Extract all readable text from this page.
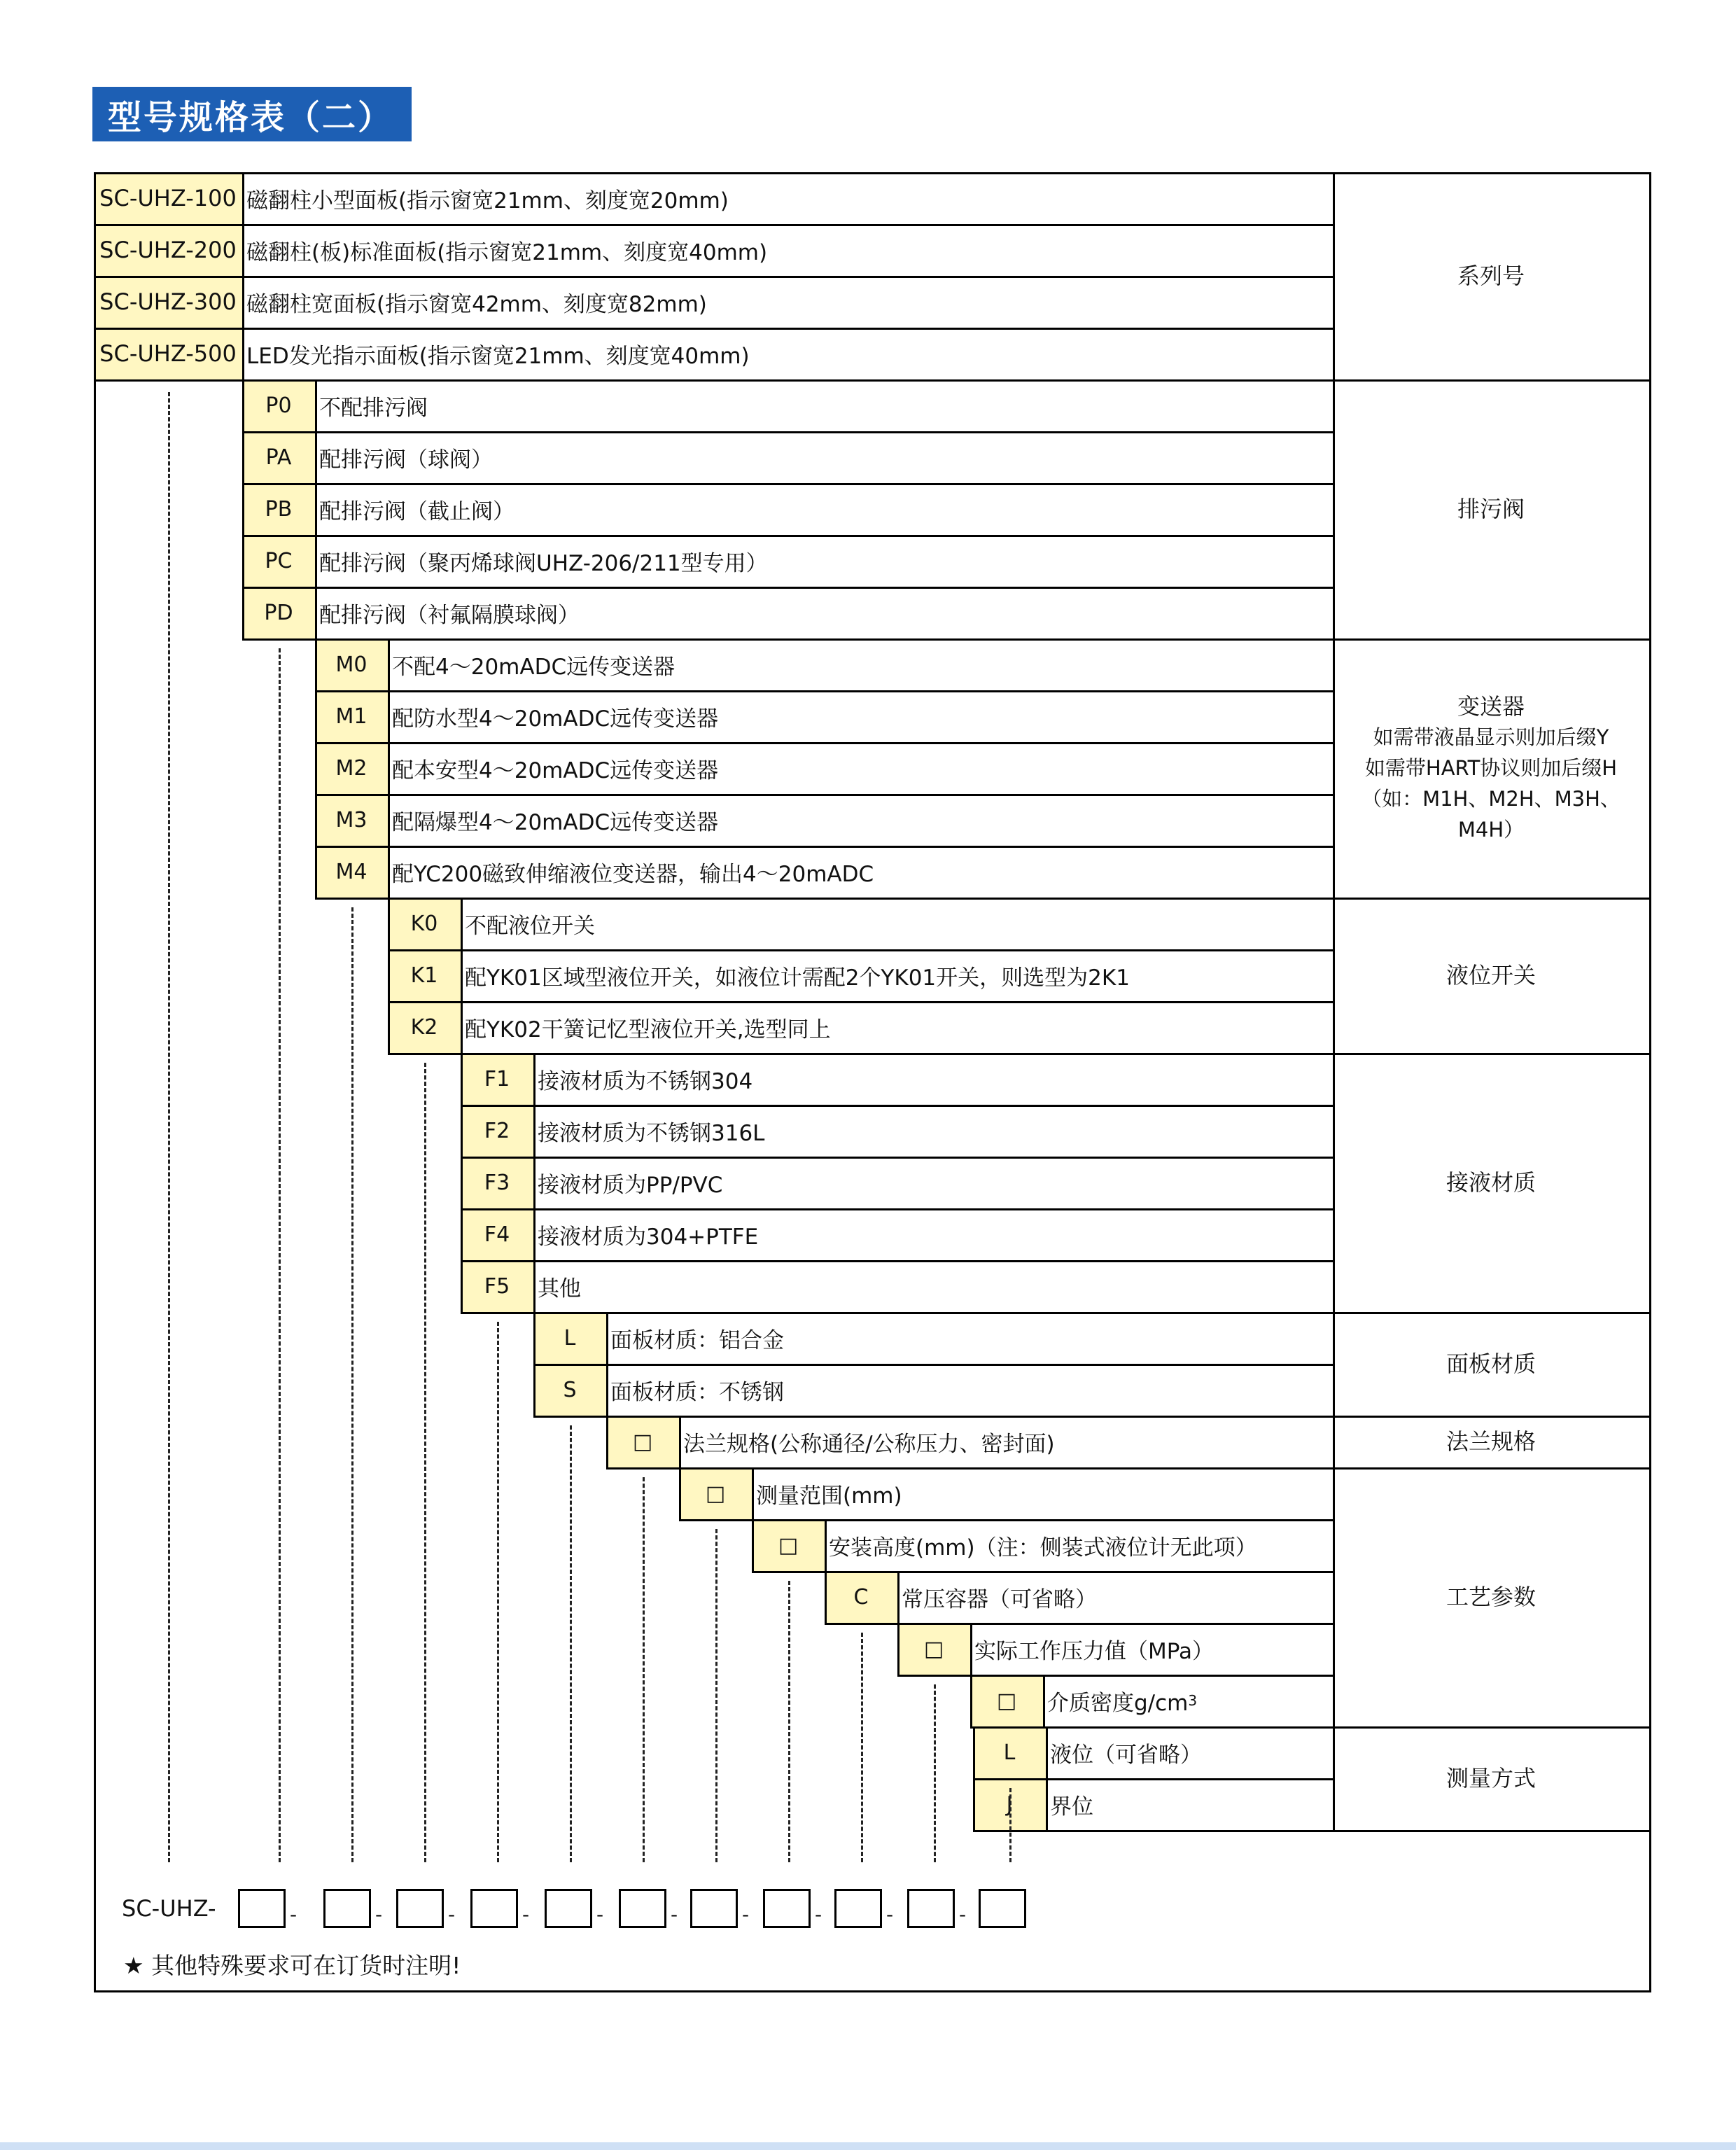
型号规格表（二）
SC-UHZ-100 磁翻柱小型面板(指示窗宽21mm、刻度宽20mm)
SC-UHZ-200 磁翻柱(板)标准面板(指示窗宽21mm、刻度宽40mm)
SC-UHZ-300 磁翻柱宽面板(指示窗宽42mm、刻度宽82mm)
SC-UHZ-500 LED发光指示面板(指示窗宽21mm、刻度宽40mm)
系列号
P0	不配排污阀
PA	配排污阀（球阀）
PB	配排污阀（截止阀）
PC	配排污阀（聚丙烯球阀UHZ-206/211型专用）
PD	配排污阀（衬氟隔膜球阀）
排污阀
M0	不配4～20mADC远传变送器
M1	配防水型4～20mADC远传变送器
M2	配本安型4～20mADC远传变送器
M3	配隔爆型4～20mADC远传变送器
M4	配YC200磁致伸缩液位变送器，输出4～20mADC
变送器
如需带液晶显示则加后缀Y
如需带HART协议则加后缀H
（如：M1H、M2H、M3H、
M4H）
K0	不配液位开关
K1	配YK01区域型液位开关，如液位计需配2个YK01开关，则选型为2K1
K2	配YK02干簧记忆型液位开关,选型同上
液位开关
F1	接液材质为不锈钢304
F2	接液材质为不锈钢316L
F3	接液材质为PP/PVC
F4	接液材质为304+PTFE
F5	其他
接液材质
L	面板材质：铝合金
S	面板材质：不锈钢
面板材质
□	法兰规格(公称通径/公称压力、密封面)	法兰规格
□	测量范围(mm)
□	安装高度(mm)（注：侧装式液位计无此项）
C	常压容器（可省略）
□	实际工作压力值（MPa）
□	介质密度g/cm 3
工艺参数
L	液位（可省略）
J	界位
测量方式
SC-UHZ-	-	-	-	-	-	-	-	-	-	-
★ 其他特殊要求可在订货时注明!
